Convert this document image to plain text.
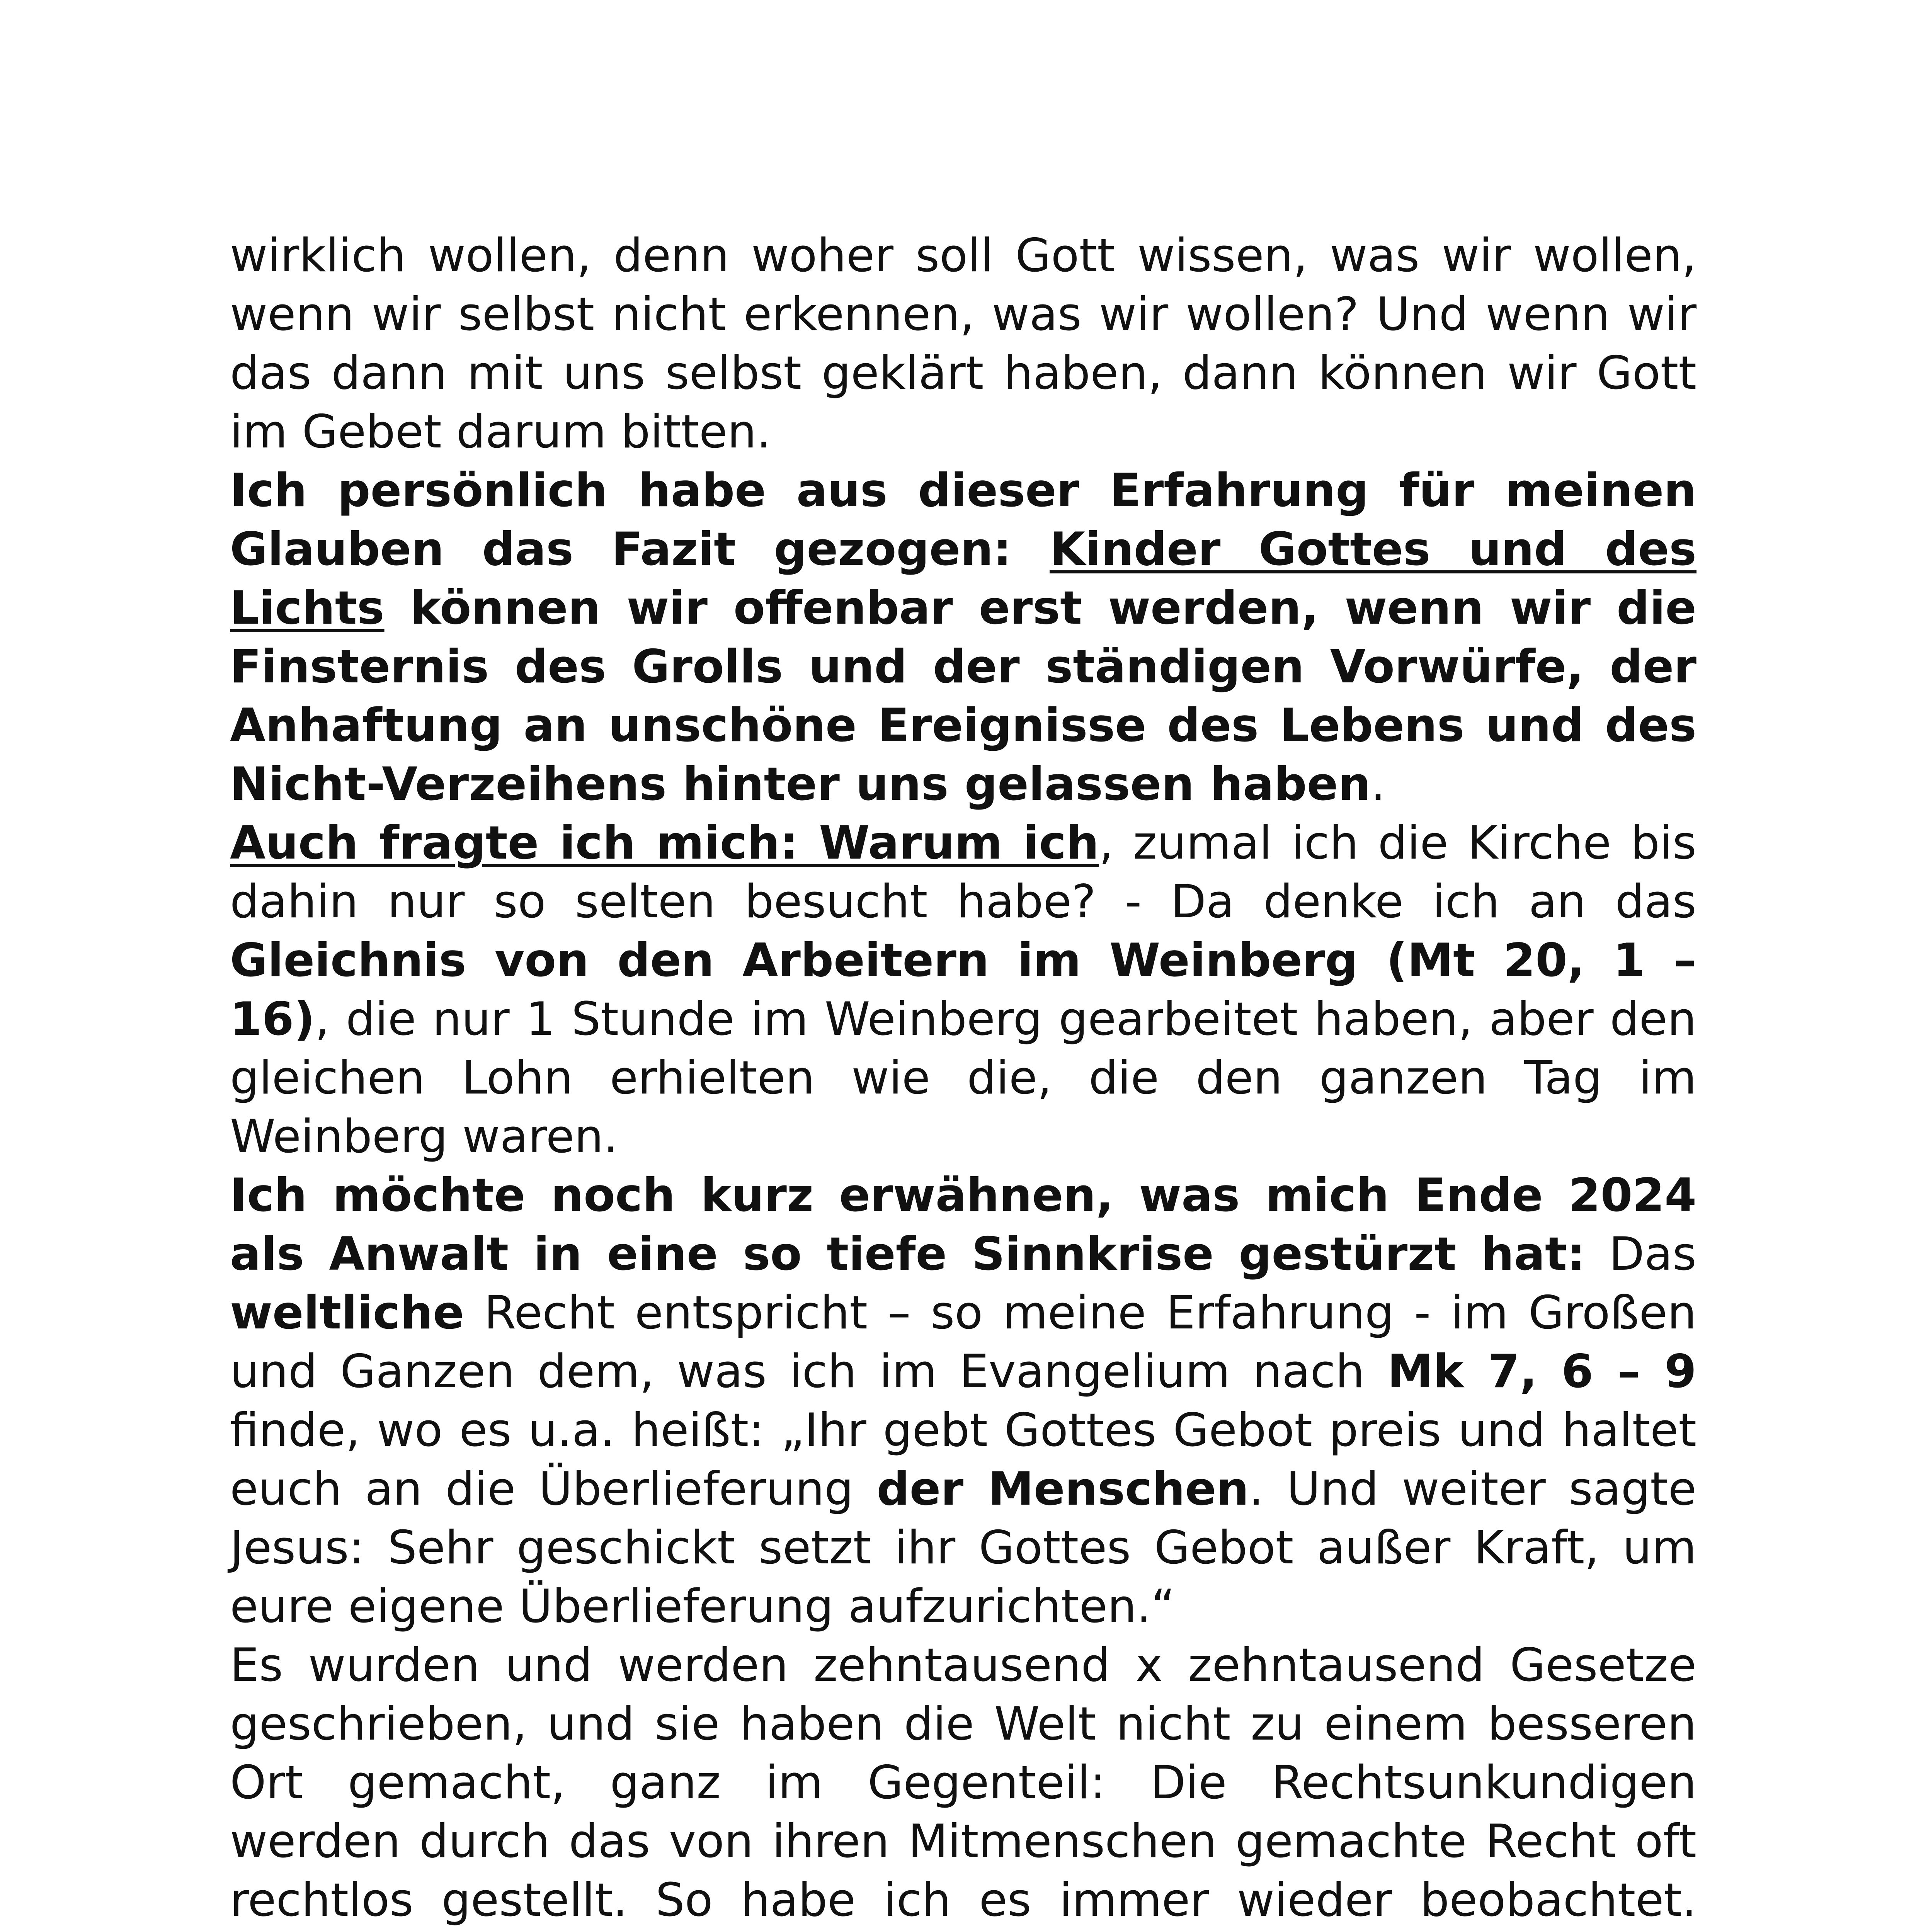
wirklich wollen, denn woher soll Gott wissen, was wir wollen, wenn wir selbst nicht erkennen, was wir wollen? Und wenn wir das dann mit uns selbst geklärt haben, dann können wir Gott im Gebet darum bitten.

Ich persönlich habe aus dieser Erfahrung für meinen Glauben das Fazit gezogen: Kinder Gottes und des Lichts können wir offenbar erst werden, wenn wir die Finsternis des Grolls und der ständigen Vorwürfe, der Anhaftung an unschöne Ereignisse des Lebens und des Nicht-Verzeihens hinter uns gelassen haben.

Auch fragte ich mich: Warum ich, zumal ich die Kirche bis dahin nur so selten besucht habe? - Da denke ich an das Gleichnis von den Arbeitern im Weinberg (Mt 20, 1 – 16), die nur 1 Stunde im Weinberg gearbeitet haben, aber den gleichen Lohn erhielten wie die, die den ganzen Tag im Weinberg waren.

Ich möchte noch kurz erwähnen, was mich Ende 2024 als Anwalt in eine so tiefe Sinnkrise gestürzt hat: Das weltliche Recht entspricht – so meine Erfahrung - im Großen und Ganzen dem, was ich im Evangelium nach Mk 7, 6 – 9 finde, wo es u.a. heißt: „Ihr gebt Gottes Gebot preis und haltet euch an die Überlieferung der Menschen. Und weiter sagte Jesus: Sehr geschickt setzt ihr Gottes Gebot außer Kraft, um eure eigene Überlieferung aufzurichten.“

Es wurden und werden zehntausend x zehntausend Gesetze geschrieben, und sie haben die Welt nicht zu einem besseren Ort gemacht, ganz im Gegenteil: Die Rechtsunkundigen werden durch das von ihren Mitmenschen gemachte Recht oft rechtlos gestellt. So habe ich es immer wieder beobachtet.
